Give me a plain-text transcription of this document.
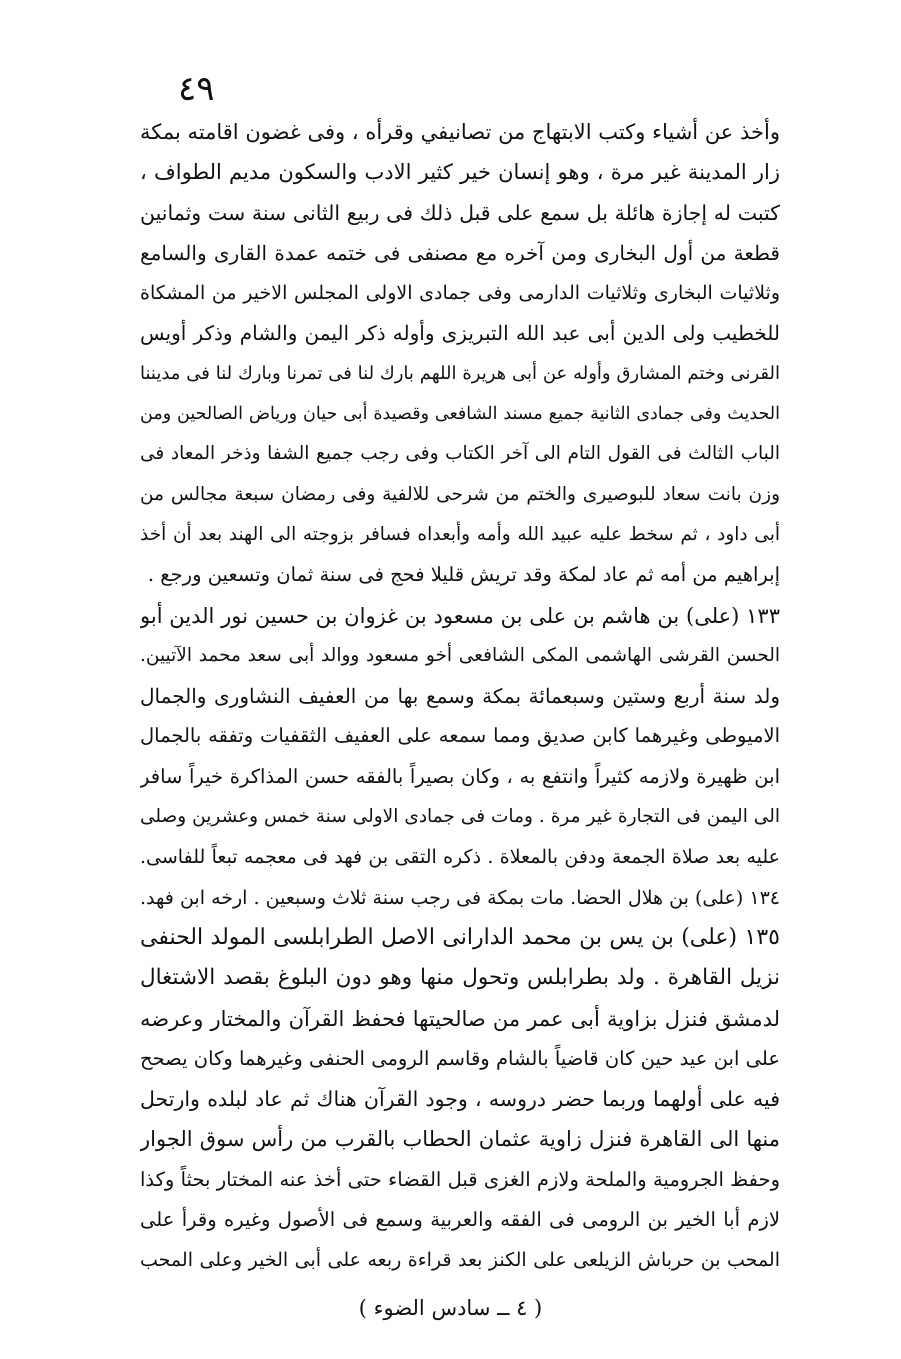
٤٩
وأخذ عن أشياء وكتب الابتهاج من تصانيفي وقرأه ، وفى غضون اقامته بمكة
زار المدينة غير مرة ، وهو إنسان خير كثير الادب والسكون مديم الطواف ،
كتبت له إجازة هائلة بل سمع على قبل ذلك فى ربيع الثانى سنة ست وثمانين
قطعة من أول البخارى ومن آخره مع مصنفى فى ختمه عمدة القارى والسامع
وثلاثيات البخارى وثلاثيات الدارمى وفى جمادى الاولى المجلس الاخير من المشكاة
للخطيب ولى الدين أبى عبد الله التبريزى وأوله ذكر اليمن والشام وذكر أويس
القرنى وختم المشارق وأوله عن أبى هريرة اللهم بارك لنا فى تمرنا وبارك لنا فى مديننا
الحديث وفى جمادى الثانية جميع مسند الشافعى وقصيدة أبى حيان ورياض الصالحين ومن
الباب الثالث فى القول التام الى آخر الكتاب وفى رجب جميع الشفا وذخر المعاد فى
وزن بانت سعاد للبوصيرى والختم من شرحى للالفية وفى رمضان سبعة مجالس من
أبى داود ، ثم سخط عليه عبيد الله وأمه وأبعداه فسافر بزوجته الى الهند بعد أن أخذ
إبراهيم من أمه ثم عاد لمكة وقد تريش قليلا فحج فى سنة ثمان وتسعين ورجع .
١٣٣ (على) بن هاشم بن على بن مسعود بن غزوان بن حسين نور الدين أبو
الحسن القرشى الهاشمى المكى الشافعى أخو مسعود ووالد أبى سعد محمد الآتيين.
ولد سنة أربع وستين وسبعمائة بمكة وسمع بها من العفيف النشاورى والجمال
الاميوطى وغيرهما كابن صديق ومما سمعه على العفيف الثقفيات وتفقه بالجمال
ابن ظهيرة ولازمه كثيراً وانتفع به ، وكان بصيراً بالفقه حسن المذاكرة خيراً سافر
الى اليمن فى التجارة غير مرة . ومات فى جمادى الاولى سنة خمس وعشرين وصلى
عليه بعد صلاة الجمعة ودفن بالمعلاة . ذكره التقى بن فهد فى معجمه تبعاً للفاسى.
١٣٤ (على) بن هلال الحضا. مات بمكة فى رجب سنة ثلاث وسبعين . ارخه ابن فهد.
١٣٥ (على) بن يس بن محمد الدارانى الاصل الطرابلسى المولد الحنفى
نزيل القاهرة . ولد بطرابلس وتحول منها وهو دون البلوغ بقصد الاشتغال
لدمشق فنزل بزاوية أبى عمر من صالحيتها فحفظ القرآن والمختار وعرضه
على ابن عيد حين كان قاضياً بالشام وقاسم الرومى الحنفى وغيرهما وكان يصحح
فيه على أولهما وربما حضر دروسه ، وجود القرآن هناك ثم عاد لبلده وارتحل
منها الى القاهرة فنزل زاوية عثمان الحطاب بالقرب من رأس سوق الجوار
وحفظ الجرومية والملحة ولازم الغزى قبل القضاء حتى أخذ عنه المختار بحثاً وكذا
لازم أبا الخير بن الرومى فى الفقه والعربية وسمع فى الأصول وغيره وقرأ على
المحب بن حرباش الزيلعى على الكنز بعد قراءة ربعه على أبى الخير وعلى المحب
( ٤ ــ سادس الضوء )
